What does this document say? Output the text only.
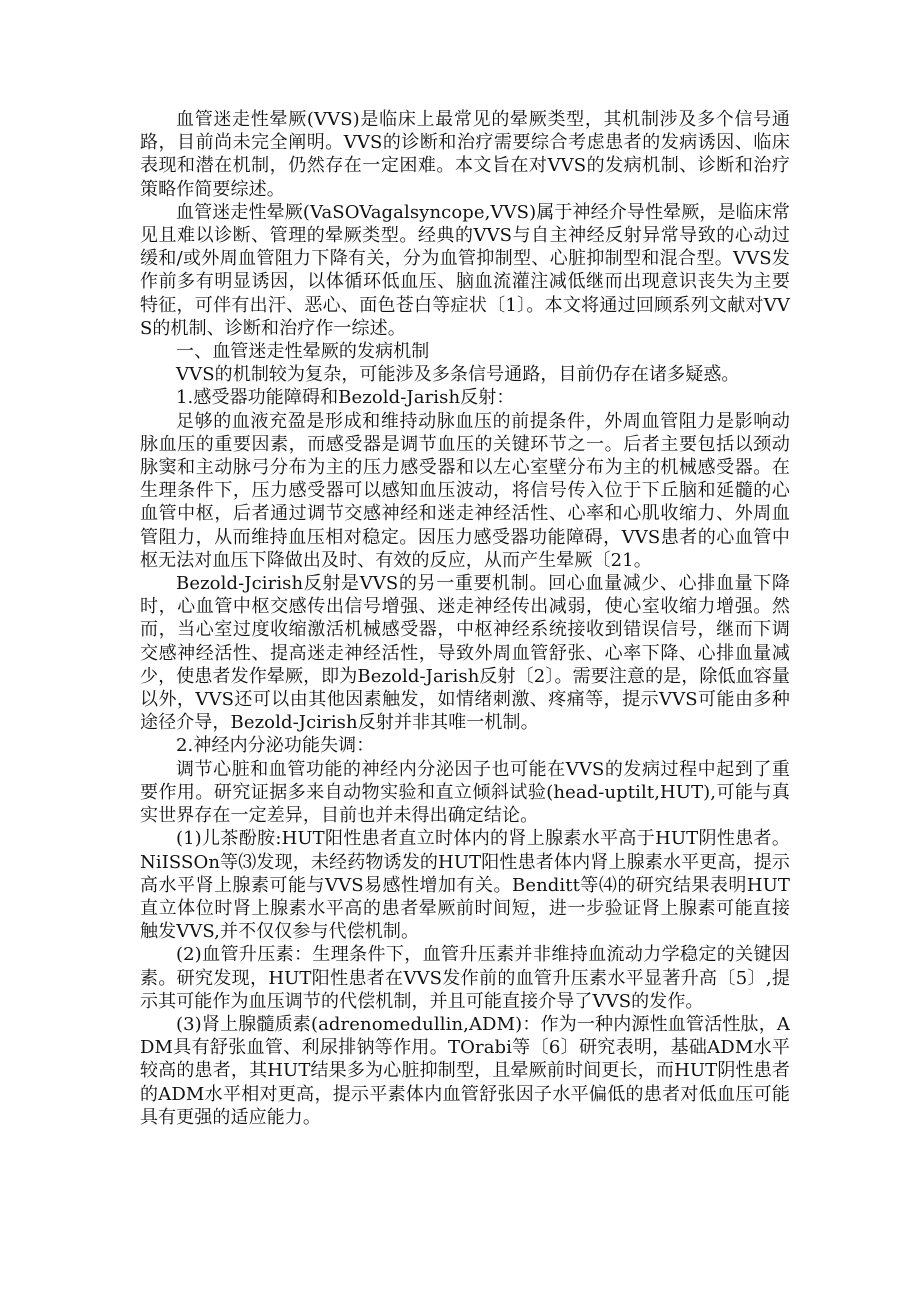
血管迷走性晕厥(VVS)是临床上最常见的晕厥类型，其机制涉及多个信号通路，目前尚未完全阐明。VVS的诊断和治疗需要综合考虑患者的发病诱因、临床表现和潜在机制，仍然存在一定困难。本文旨在对VVS的发病机制、诊断和治疗策略作简要综述。

血管迷走性晕厥(VaSOVagalsyncope,VVS)属于神经介导性晕厥，是临床常见且难以诊断、管理的晕厥类型。经典的VVS与自主神经反射异常导致的心动过缓和/或外周血管阻力下降有关，分为血管抑制型、心脏抑制型和混合型。VVS发作前多有明显诱因，以体循环低血压、脑血流灌注减低继而出现意识丧失为主要特征，可伴有出汗、恶心、面色苍白等症状〔1〕。本文将通过回顾系列文献对VVS的机制、诊断和治疗作一综述。

一、血管迷走性晕厥的发病机制

VVS的机制较为复杂，可能涉及多条信号通路，目前仍存在诸多疑惑。

1.感受器功能障碍和Bezold-Jarish反射：

足够的血液充盈是形成和维持动脉血压的前提条件，外周血管阻力是影响动脉血压的重要因素，而感受器是调节血压的关键环节之一。后者主要包括以颈动脉窦和主动脉弓分布为主的压力感受器和以左心室壁分布为主的机械感受器。在生理条件下，压力感受器可以感知血压波动，将信号传入位于下丘脑和延髓的心血管中枢，后者通过调节交感神经和迷走神经活性、心率和心肌收缩力、外周血管阻力，从而维持血压相对稳定。因压力感受器功能障碍，VVS患者的心血管中枢无法对血压下降做出及时、有效的反应，从而产生晕厥〔21。

Bezold-Jcirish反射是VVS的另一重要机制。回心血量减少、心排血量下降时，心血管中枢交感传出信号增强、迷走神经传出减弱，使心室收缩力增强。然而，当心室过度收缩激活机械感受器，中枢神经系统接收到错误信号，继而下调交感神经活性、提高迷走神经活性，导致外周血管舒张、心率下降、心排血量减少，使患者发作晕厥，即为Bezold-Jarish反射〔2〕。需要注意的是，除低血容量以外，VVS还可以由其他因素触发，如情绪刺激、疼痛等，提示VVS可能由多种途径介导，Bezold-Jcirish反射并非其唯一机制。

2.神经内分泌功能失调：

调节心脏和血管功能的神经内分泌因子也可能在VVS的发病过程中起到了重要作用。研究证据多来自动物实验和直立倾斜试验(head-uptilt,HUT),可能与真实世界存在一定差异，目前也并未得出确定结论。

(1)儿茶酚胺:HUT阳性患者直立时体内的肾上腺素水平高于HUT阴性患者。NiISSOn等⑶发现，未经药物诱发的HUT阳性患者体内肾上腺素水平更高，提示高水平肾上腺素可能与VVS易感性增加有关。Benditt等⑷的研究结果表明HUT直立体位时肾上腺素水平高的患者晕厥前时间短，进一步验证肾上腺素可能直接触发VVS,并不仅仅参与代偿机制。

(2)血管升压素：生理条件下，血管升压素并非维持血流动力学稳定的关键因素。研究发现，HUT阳性患者在VVS发作前的血管升压素水平显著升高〔5〕,提示其可能作为血压调节的代偿机制，并且可能直接介导了VVS的发作。

(3)肾上腺髓质素(adrenomedullin,ADM)：作为一种内源性血管活性肽，ADM具有舒张血管、利尿排钠等作用。TOrabi等〔6〕研究表明，基础ADM水平较高的患者，其HUT结果多为心脏抑制型，且晕厥前时间更长，而HUT阴性患者的ADM水平相对更高，提示平素体内血管舒张因子水平偏低的患者对低血压可能具有更强的适应能力。
